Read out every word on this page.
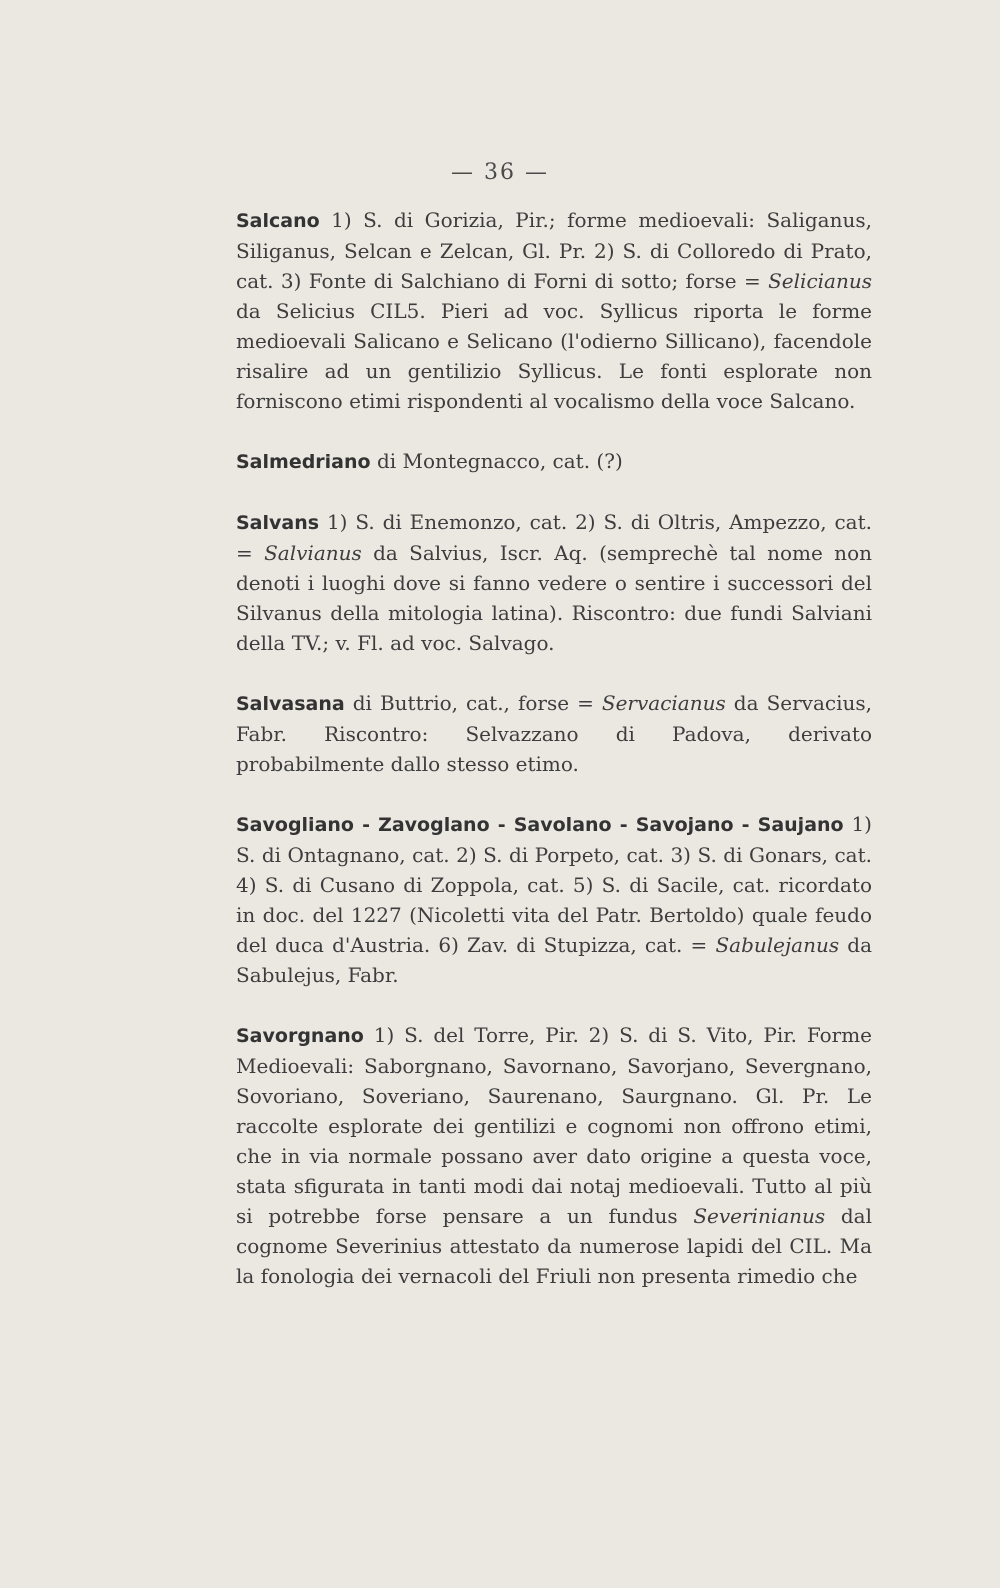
— 36 —

Salcano 1) S. di Gorizia, Pir.; forme medioevali: Saliganus, Siliganus, Selcan e Zelcan, Gl. Pr. 2) S. di Colloredo di Prato, cat. 3) Fonte di Salchiano di Forni di sotto; forse = Selicianus da Selicius CIL5. Pieri ad voc. Syllicus riporta le forme medioevali Salicano e Selicano (l'odierno Sillicano), facendole risalire ad un gentilizio Syllicus. Le fonti esplorate non forniscono etimi rispondenti al vocalismo della voce Salcano.

Salmedriano di Montegnacco, cat. (?)

Salvans 1) S. di Enemonzo, cat. 2) S. di Oltris, Ampezzo, cat. = Salvianus da Salvius, Iscr. Aq. (semprechè tal nome non denoti i luoghi dove si fanno vedere o sentire i successori del Silvanus della mitologia latina). Riscontro: due fundi Salviani della TV.; v. Fl. ad voc. Salvago.

Salvasana di Buttrio, cat., forse = Servacianus da Servacius, Fabr. Riscontro: Selvazzano di Padova, derivato probabilmente dallo stesso etimo.

Savogliano - Zavoglano - Savolano - Savojano - Saujano 1) S. di Ontagnano, cat. 2) S. di Porpeto, cat. 3) S. di Gonars, cat. 4) S. di Cusano di Zoppola, cat. 5) S. di Sacile, cat. ricordato in doc. del 1227 (Nicoletti vita del Patr. Bertoldo) quale feudo del duca d'Austria. 6) Zav. di Stupizza, cat. = Sabulejanus da Sabulejus, Fabr.

Savorgnano 1) S. del Torre, Pir. 2) S. di S. Vito, Pir. Forme Medioevali: Saborgnano, Savornano, Savorjano, Severgnano, Sovoriano, Soveriano, Saurenano, Saurgnano. Gl. Pr. Le raccolte esplorate dei gentilizi e cognomi non offrono etimi, che in via normale possano aver dato origine a questa voce, stata sfigurata in tanti modi dai notaj medioevali. Tutto al più si potrebbe forse pensare a un fundus Severinianus dal cognome Severinius attestato da numerose lapidi del CIL. Ma la fonologia dei vernacoli del Friuli non presenta rimedio che
